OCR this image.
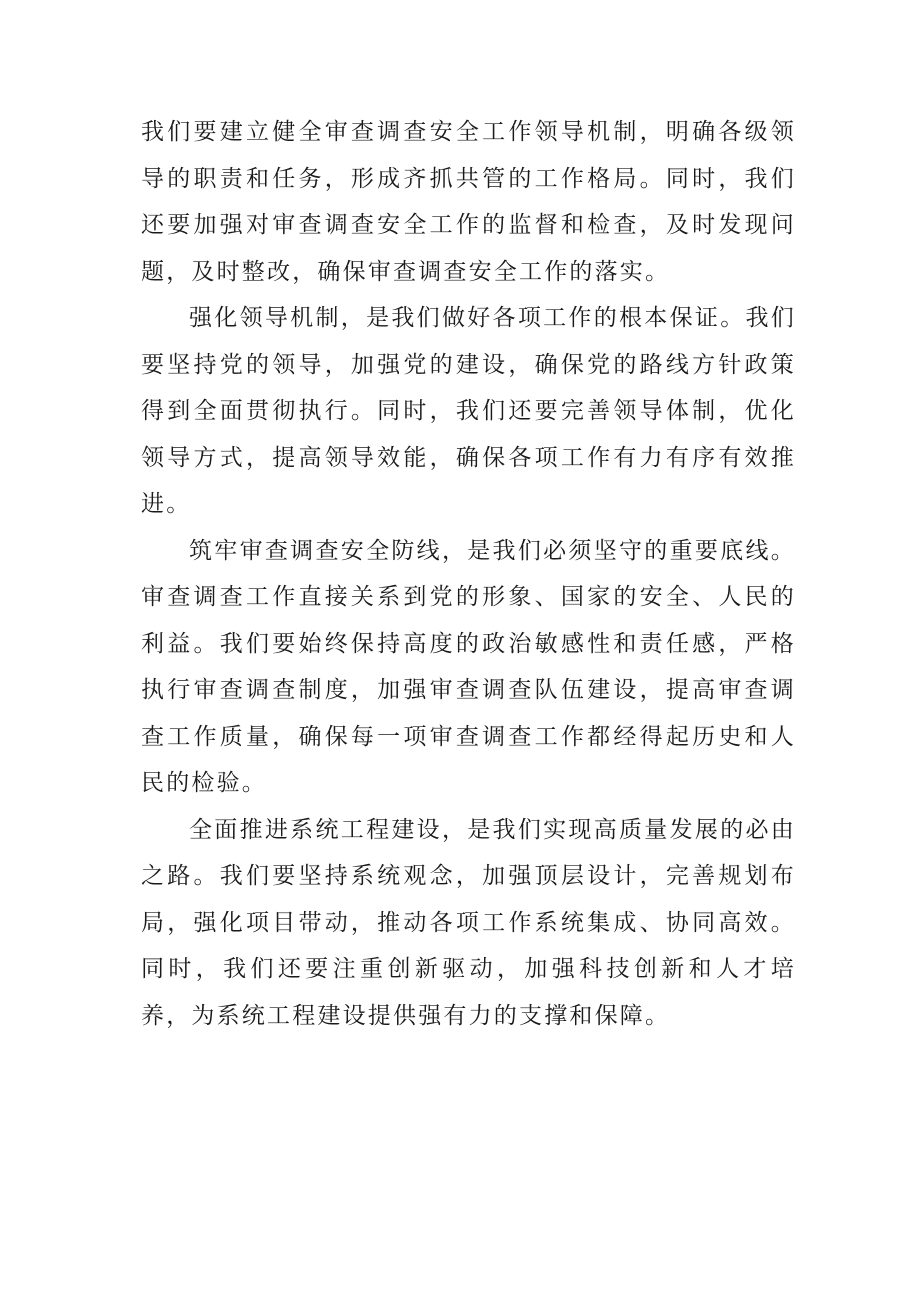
我们要建立健全审查调查安全工作领导机制，明确各级领导的职责和任务，形成齐抓共管的工作格局。同时，我们还要加强对审查调查安全工作的监督和检查，及时发现问题，及时整改，确保审查调查安全工作的落实。

强化领导机制，是我们做好各项工作的根本保证。我们要坚持党的领导，加强党的建设，确保党的路线方针政策得到全面贯彻执行。同时，我们还要完善领导体制，优化领导方式，提高领导效能，确保各项工作有力有序有效推进。

筑牢审查调查安全防线，是我们必须坚守的重要底线。审查调查工作直接关系到党的形象、国家的安全、人民的利益。我们要始终保持高度的政治敏感性和责任感，严格执行审查调查制度，加强审查调查队伍建设，提高审查调查工作质量，确保每一项审查调查工作都经得起历史和人民的检验。

全面推进系统工程建设，是我们实现高质量发展的必由之路。我们要坚持系统观念，加强顶层设计，完善规划布局，强化项目带动，推动各项工作系统集成、协同高效。同时，我们还要注重创新驱动，加强科技创新和人才培养，为系统工程建设提供强有力的支撑和保障。
